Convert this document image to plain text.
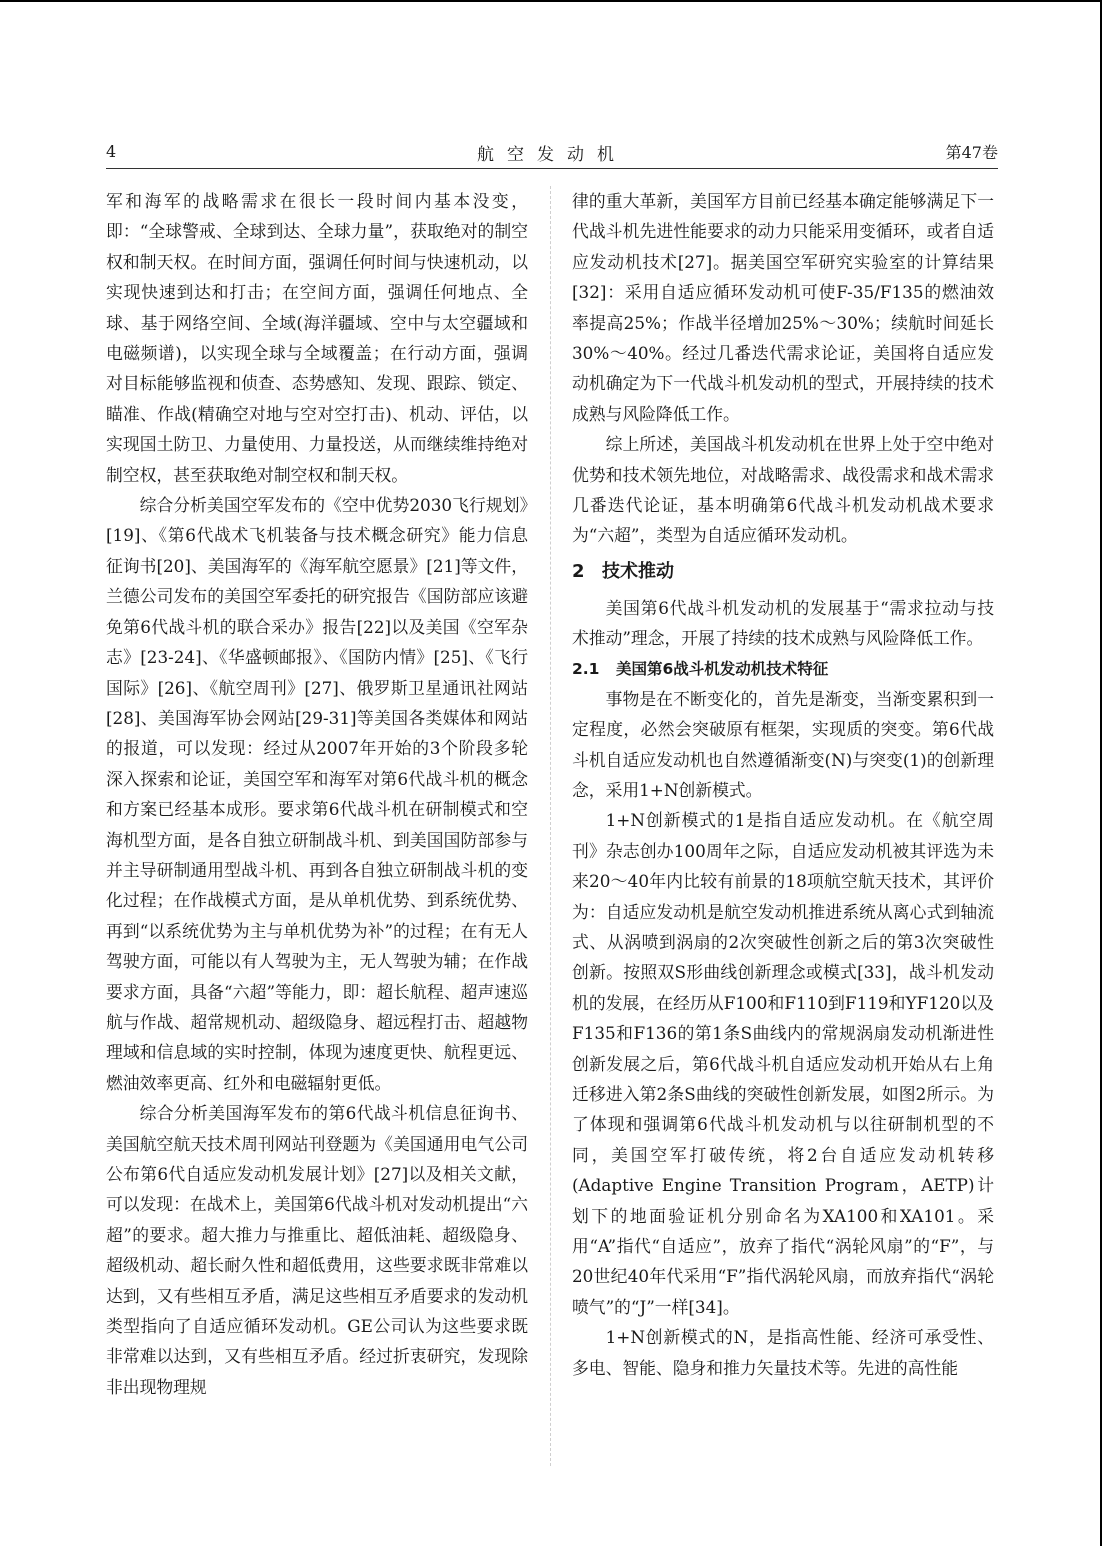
4	航空发动机	第47卷

军和海军的战略需求在很长一段时间内基本没变，即：“全球警戒、全球到达、全球力量”，获取绝对的制空权和制天权。在时间方面，强调任何时间与快速机动，以实现快速到达和打击；在空间方面，强调任何地点、全球、基于网络空间、全域(海洋疆域、空中与太空疆域和电磁频谱)，以实现全球与全域覆盖；在行动方面，强调对目标能够监视和侦查、态势感知、发现、跟踪、锁定、瞄准、作战(精确空对地与空对空打击)、机动、评估，以实现国土防卫、力量使用、力量投送，从而继续维持绝对制空权，甚至获取绝对制空权和制天权。

综合分析美国空军发布的《空中优势2030飞行规划》[19]、《第6代战术飞机装备与技术概念研究》能力信息征询书[20]、美国海军的《海军航空愿景》[21]等文件，兰德公司发布的美国空军委托的研究报告《国防部应该避免第6代战斗机的联合采办》报告[22]以及美国《空军杂志》[23-24]、《华盛顿邮报》、《国防内情》[25]、《飞行国际》[26]、《航空周刊》[27]、俄罗斯卫星通讯社网站[28]、美国海军协会网站[29-31]等美国各类媒体和网站的报道，可以发现：经过从2007年开始的3个阶段多轮深入探索和论证，美国空军和海军对第6代战斗机的概念和方案已经基本成形。要求第6代战斗机在研制模式和空海机型方面，是各自独立研制战斗机、到美国国防部参与并主导研制通用型战斗机、再到各自独立研制战斗机的变化过程；在作战模式方面，是从单机优势、到系统优势、再到“以系统优势为主与单机优势为补”的过程；在有无人驾驶方面，可能以有人驾驶为主，无人驾驶为辅；在作战要求方面，具备“六超”等能力，即：超长航程、超声速巡航与作战、超常规机动、超级隐身、超远程打击、超越物理域和信息域的实时控制，体现为速度更快、航程更远、燃油效率更高、红外和电磁辐射更低。

综合分析美国海军发布的第6代战斗机信息征询书、美国航空航天技术周刊网站刊登题为《美国通用电气公司公布第6代自适应发动机发展计划》[27]以及相关文献，可以发现：在战术上，美国第6代战斗机对发动机提出“六超”的要求。超大推力与推重比、超低油耗、超级隐身、超级机动、超长耐久性和超低费用，这些要求既非常难以达到，又有些相互矛盾，满足这些相互矛盾要求的发动机类型指向了自适应循环发动机。GE公司认为这些要求既非常难以达到，又有些相互矛盾。经过折衷研究，发现除非出现物理规

律的重大革新，美国军方目前已经基本确定能够满足下一代战斗机先进性能要求的动力只能采用变循环，或者自适应发动机技术[27]。据美国空军研究实验室的计算结果[32]：采用自适应循环发动机可使F-35/F135的燃油效率提高25%；作战半径增加25%～30%；续航时间延长30%～40%。经过几番迭代需求论证，美国将自适应发动机确定为下一代战斗机发动机的型式，开展持续的技术成熟与风险降低工作。

综上所述，美国战斗机发动机在世界上处于空中绝对优势和技术领先地位，对战略需求、战役需求和战术需求几番迭代论证，基本明确第6代战斗机发动机战术要求为“六超”，类型为自适应循环发动机。

2 技术推动

美国第6代战斗机发动机的发展基于“需求拉动与技术推动”理念，开展了持续的技术成熟与风险降低工作。

2.1 美国第6战斗机发动机技术特征

事物是在不断变化的，首先是渐变，当渐变累积到一定程度，必然会突破原有框架，实现质的突变。第6代战斗机自适应发动机也自然遵循渐变(N)与突变(1)的创新理念，采用1+N创新模式。

1+N创新模式的1是指自适应发动机。在《航空周刊》杂志创办100周年之际，自适应发动机被其评选为未来20～40年内比较有前景的18项航空航天技术，其评价为：自适应发动机是航空发动机推进系统从离心式到轴流式、从涡喷到涡扇的2次突破性创新之后的第3次突破性创新。按照双S形曲线创新理念或模式[33]，战斗机发动机的发展，在经历从F100和F110到F119和YF120以及F135和F136的第1条S曲线内的常规涡扇发动机渐进性创新发展之后，第6代战斗机自适应发动机开始从右上角迁移进入第2条S曲线的突破性创新发展，如图2所示。为了体现和强调第6代战斗机发动机与以往研制机型的不同，美国空军打破传统，将2台自适应发动机转移(Adaptive Engine Transition Program，AETP)计划下的地面验证机分别命名为XA100和XA101。采用“A”指代“自适应”，放弃了指代“涡轮风扇”的“F”，与20世纪40年代采用“F”指代涡轮风扇，而放弃指代“涡轮喷气”的“J”一样[34]。

1+N创新模式的N，是指高性能、经济可承受性、多电、智能、隐身和推力矢量技术等。先进的高性能
